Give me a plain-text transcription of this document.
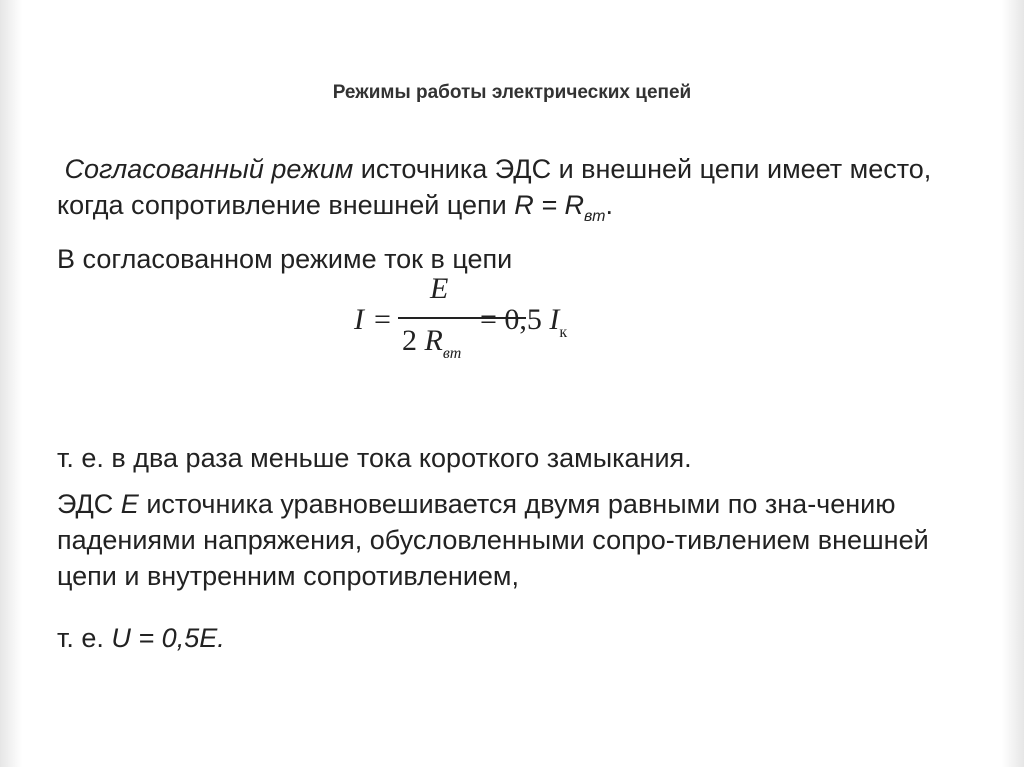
Режимы работы электрических цепей
Согласованный режим источника ЭДС и внешней цепи имеет место, когда сопротивление внешней цепи $R = R_{вт}$.
В согласованном режиме ток в цепи
I =
E
2 $R_{вт}$
= 0,5 $I_к$
т. е. в два раза меньше тока короткого замыкания.
ЭДС E источника уравновешивается двумя равными по зна-чению падениями напряжения, обусловленными сопро-тивлением внешней цепи и внутренним сопротивлением,
т. е. U = 0,5E.
